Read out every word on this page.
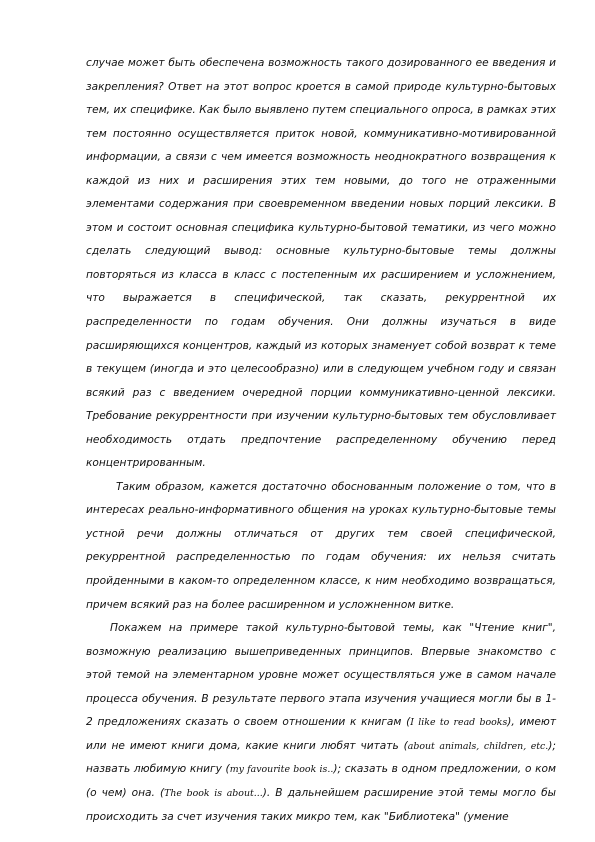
случае может быть обеспечена возможность такого дозированного ее введения и закрепления? Ответ на этот вопрос кроется в самой природе культурно-бытовых тем, их специфике. Как было выявлено путем специального опроса, в рамках этих тем постоянно осуществляется приток новой, коммуникативно-мотивированной информации, а связи с чем имеется возможность неоднократного возвращения к каждой из них и расширения этих тем новыми, до того не отраженными элементами содержания при своевременном введении новых порций лексики. В этом и состоит основная специфика культурно-бытовой тематики, из чего можно сделать следующий вывод: основные культурно-бытовые темы должны повторяться из класса в класс с постепенным их расширением и усложнением, что выражается в специфической, так сказать, рекуррентной их распределенности по годам обучения. Они должны изучаться в виде расширяющихся концентров, каждый из которых знаменует собой возврат к теме в текущем (иногда и это целесообразно) или в следующем учебном году и связан всякий раз с введением очередной порции коммуникативно-ценной лексики. Требование рекуррентности при изучении культурно-бытовых тем обусловливает необходимость отдать предпочтение распределенному обучению перед концентрированным.

Таким образом, кажется достаточно обоснованным положение о том, что в интересах реально-информативного общения на уроках культурно-бытовые темы устной речи должны отличаться от других тем своей специфической, рекуррентной распределенностью по годам обучения: их нельзя считать пройденными в каком-то определенном классе, к ним необходимо возвращаться, причем всякий раз на более расширенном и усложненном витке.

Покажем на примере такой культурно-бытовой темы, как "Чтение книг", возможную реализацию вышеприведенных принципов. Впервые знакомство с этой темой на элементарном уровне может осуществляться уже в самом начале процесса обучения. В результате первого этапа изучения учащиеся могли бы в 1-2 предложениях сказать о своем отношении к книгам (I like to read books), имеют или не имеют книги дома, какие книги любят читать (about animals, children, etc.); назвать любимую книгу (my favourite book is..); сказать в одном предложении, о ком (о чем) она. (The book is about...). В дальнейшем расширение этой темы могло бы происходить за счет изучения таких микро тем, как "Библиотека" (умение
